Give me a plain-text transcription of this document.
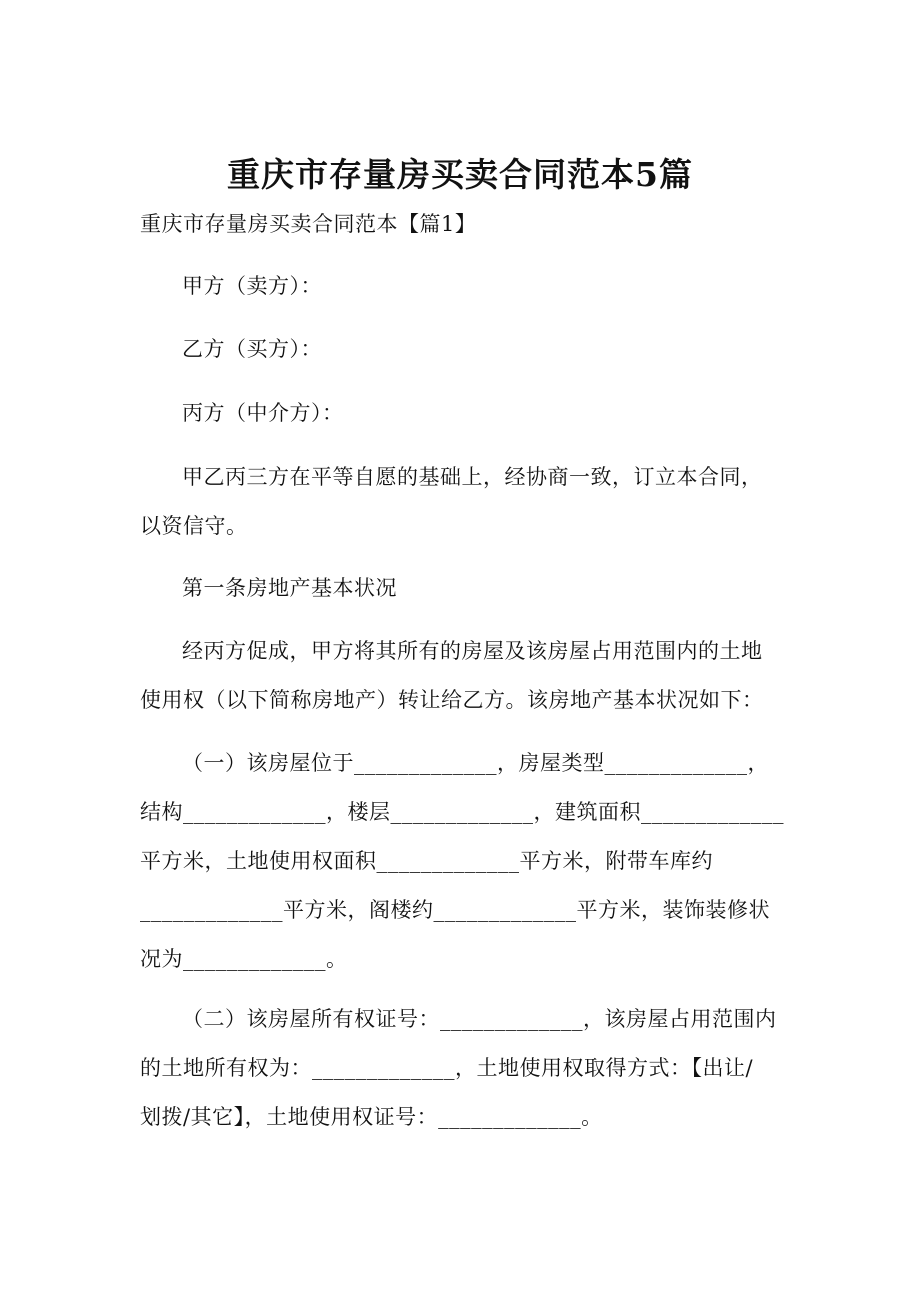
重庆市存量房买卖合同范本5篇
重庆市存量房买卖合同范本【篇1】
甲方（卖方）：
乙方（买方）：
丙方（中介方）：
甲乙丙三方在平等自愿的基础上，经协商一致，订立本合同，
以资信守。
第一条房地产基本状况
经丙方促成，甲方将其所有的房屋及该房屋占用范围内的土地
使用权（以下简称房地产）转让给乙方。该房地产基本状况如下：
（一）该房屋位于_____________，房屋类型_____________，
结构_____________，楼层_____________，建筑面积_____________
平方米，土地使用权面积_____________平方米，附带车库约
_____________平方米，阁楼约_____________平方米，装饰装修状
况为_____________。
（二）该房屋所有权证号：_____________，该房屋占用范围内
的土地所有权为：_____________，土地使用权取得方式：【出让/
划拨/其它】，土地使用权证号：_____________。
